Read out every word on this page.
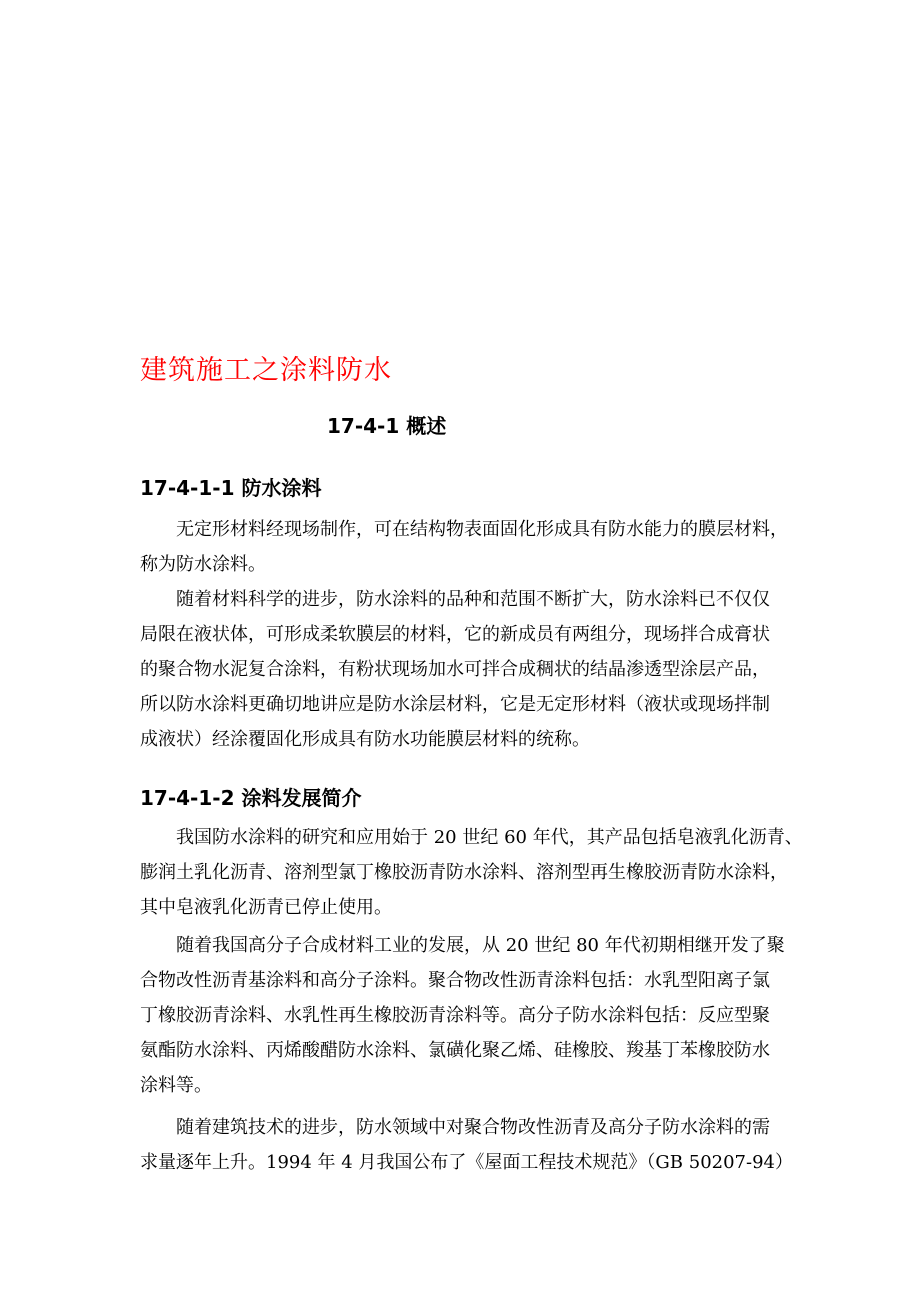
建筑施工之涂料防水
17-4-1 概述
17-4-1-1 防水涂料
无定形材料经现场制作，可在结构物表面固化形成具有防水能力的膜层材料，
称为防水涂料。
随着材料科学的进步，防水涂料的品种和范围不断扩大，防水涂料已不仅仅
局限在液状体，可形成柔软膜层的材料，它的新成员有两组分，现场拌合成膏状
的聚合物水泥复合涂料，有粉状现场加水可拌合成稠状的结晶渗透型涂层产品，
所以防水涂料更确切地讲应是防水涂层材料，它是无定形材料（液状或现场拌制
成液状）经涂覆固化形成具有防水功能膜层材料的统称。
17-4-1-2 涂料发展简介
我国防水涂料的研究和应用始于 20 世纪 60 年代，其产品包括皂液乳化沥青、
膨润土乳化沥青、溶剂型氯丁橡胶沥青防水涂料、溶剂型再生橡胶沥青防水涂料，
其中皂液乳化沥青已停止使用。
随着我国高分子合成材料工业的发展，从 20 世纪 80 年代初期相继开发了聚
合物改性沥青基涂料和高分子涂料。聚合物改性沥青涂料包括：水乳型阳离子氯
丁橡胶沥青涂料、水乳性再生橡胶沥青涂料等。高分子防水涂料包括：反应型聚
氨酯防水涂料、丙烯酸醋防水涂料、氯磺化聚乙烯、硅橡胶、羧基丁苯橡胶防水
涂料等。
随着建筑技术的进步，防水领域中对聚合物改性沥青及高分子防水涂料的需
求量逐年上升。1994 年 4 月我国公布了《屋面工程技术规范》（GB 50207-94）
